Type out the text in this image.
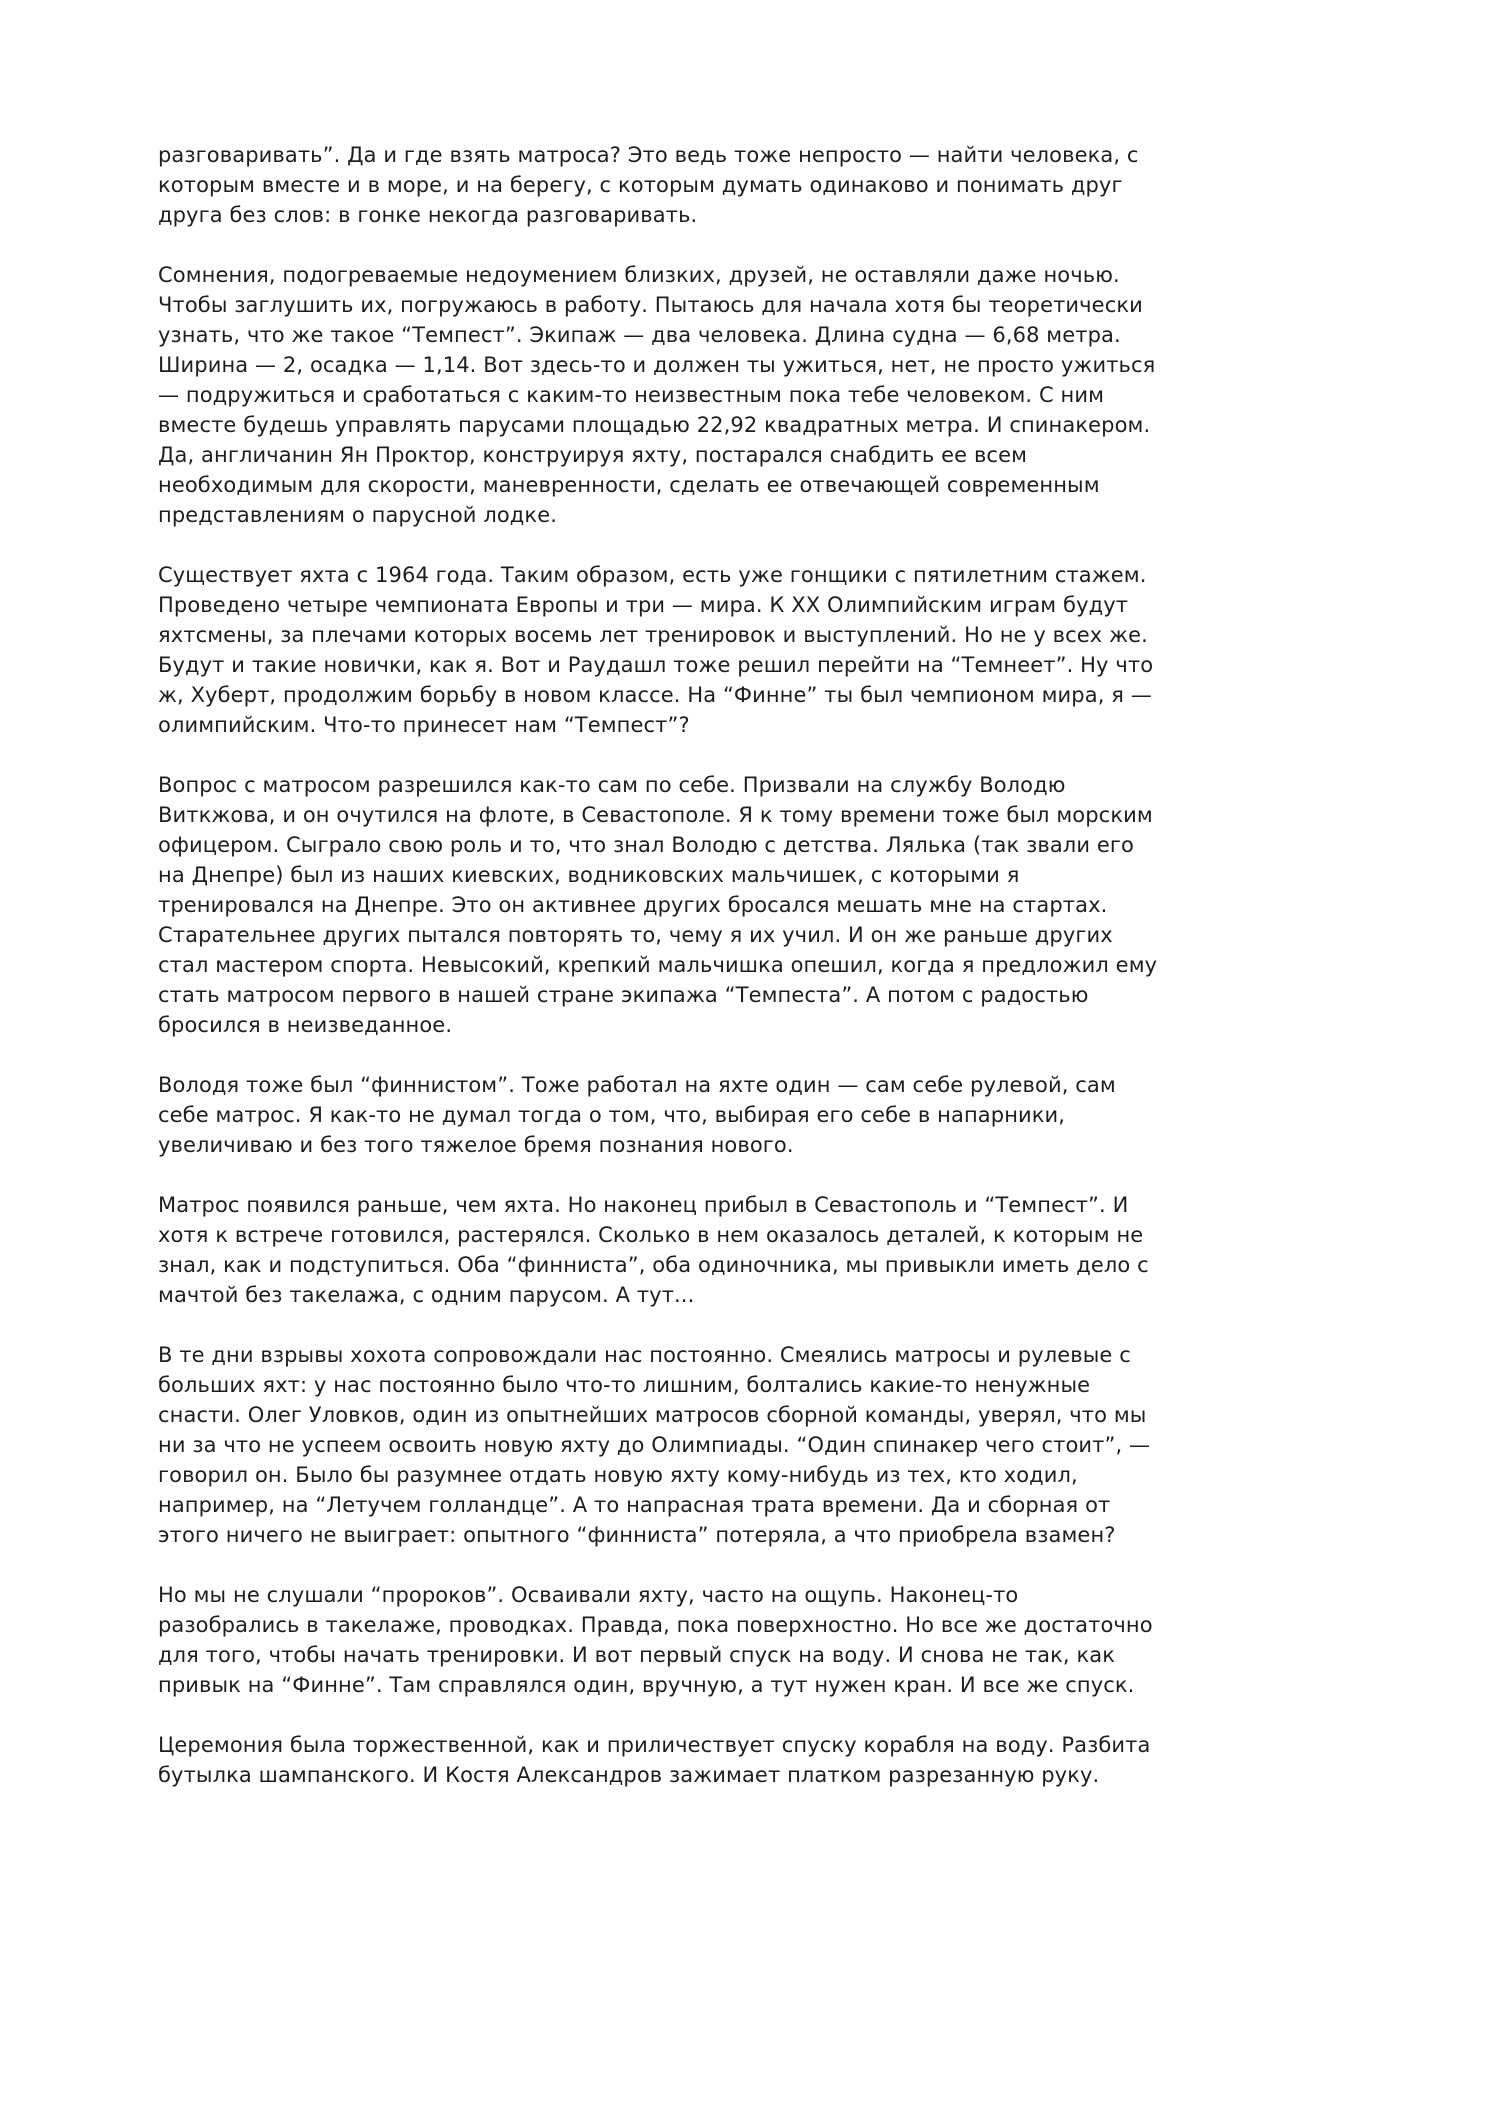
разговаривать”. Да и где взять матроса? Это ведь тоже непросто — найти человека, с
которым вместе и в море, и на берегу, с которым думать одинаково и понимать друг
друга без слов: в гонке некогда разговаривать.
Сомнения, подогреваемые недоумением близких, друзей, не оставляли даже ночью.
Чтобы заглушить их, погружаюсь в работу. Пытаюсь для начала хотя бы теоретически
узнать, что же такое “Темпест”. Экипаж — два человека. Длина судна — 6,68 метра.
Ширина — 2, осадка — 1,14. Вот здесь-то и должен ты ужиться, нет, не просто ужиться
— подружиться и сработаться с каким-то неизвестным пока тебе человеком. С ним
вместе будешь управлять парусами площадью 22,92 квадратных метра. И спинакером.
Да, англичанин Ян Проктор, конструируя яхту, постарался снабдить ее всем
необходимым для скорости, маневренности, сделать ее отвечающей современным
представлениям о парусной лодке.
Существует яхта с 1964 года. Таким образом, есть уже гонщики с пятилетним стажем.
Проведено четыре чемпионата Европы и три — мира. К XX Олимпийским играм будут
яхтсмены, за плечами которых восемь лет тренировок и выступлений. Но не у всех же.
Будут и такие новички, как я. Вот и Раудашл тоже решил перейти на “Темнеет”. Ну что
ж, Хуберт, продолжим борьбу в новом классе. На “Финне” ты был чемпионом мира, я —
олимпийским. Что-то принесет нам “Темпест”?
Вопрос с матросом разрешился как-то сам по себе. Призвали на службу Володю
Виткжова, и он очутился на флоте, в Севастополе. Я к тому времени тоже был морским
офицером. Сыграло свою роль и то, что знал Володю с детства. Лялька (так звали его
на Днепре) был из наших киевских, водниковских мальчишек, с которыми я
тренировался на Днепре. Это он активнее других бросался мешать мне на стартах.
Старательнее других пытался повторять то, чему я их учил. И он же раньше других
стал мастером спорта. Невысокий, крепкий мальчишка опешил, когда я предложил ему
стать матросом первого в нашей стране экипажа “Темпеста”. А потом с радостью
бросился в неизведанное.
Володя тоже был “финнистом”. Тоже работал на яхте один — сам себе рулевой, сам
себе матрос. Я как-то не думал тогда о том, что, выбирая его себе в напарники,
увеличиваю и без того тяжелое бремя познания нового.
Матрос появился раньше, чем яхта. Но наконец прибыл в Севастополь и “Темпест”. И
хотя к встрече готовился, растерялся. Сколько в нем оказалось деталей, к которым не
знал, как и подступиться. Оба “финниста”, оба одиночника, мы привыкли иметь дело с
мачтой без такелажа, с одним парусом. А тут...
В те дни взрывы хохота сопровождали нас постоянно. Смеялись матросы и рулевые с
больших яхт: у нас постоянно было что-то лишним, болтались какие-то ненужные
снасти. Олег Уловков, один из опытнейших матросов сборной команды, уверял, что мы
ни за что не успеем освоить новую яхту до Олимпиады. “Один спинакер чего стоит”, —
говорил он. Было бы разумнее отдать новую яхту кому-нибудь из тех, кто ходил,
например, на “Летучем голландце”. А то напрасная трата времени. Да и сборная от
этого ничего не выиграет: опытного “финниста” потеряла, а что приобрела взамен?
Но мы не слушали “пророков”. Осваивали яхту, часто на ощупь. Наконец-то
разобрались в такелаже, проводках. Правда, пока поверхностно. Но все же достаточно
для того, чтобы начать тренировки. И вот первый спуск на воду. И снова не так, как
привык на “Финне”. Там справлялся один, вручную, а тут нужен кран. И все же спуск.
Церемония была торжественной, как и приличествует спуску корабля на воду. Разбита
бутылка шампанского. И Костя Александров зажимает платком разрезанную руку.
